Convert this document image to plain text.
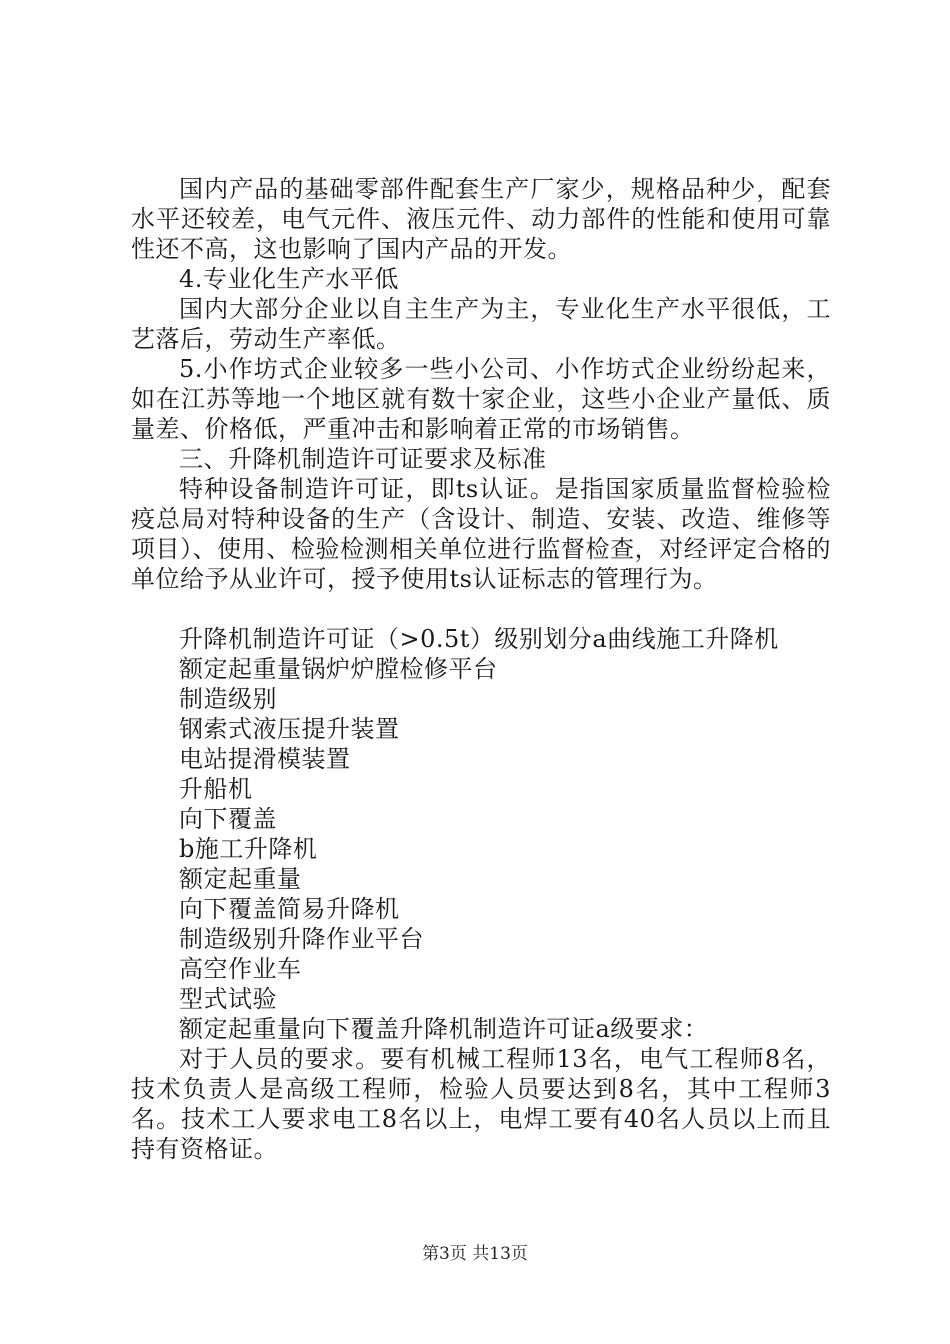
国内产品的基础零部件配套生产厂家少，规格品种少，配套水平还较差，电气元件、液压元件、动力部件的性能和使用可靠性还不高，这也影响了国内产品的开发。

4.专业化生产水平低

国内大部分企业以自主生产为主，专业化生产水平很低，工艺落后，劳动生产率低。

5.小作坊式企业较多一些小公司、小作坊式企业纷纷起来，如在江苏等地一个地区就有数十家企业，这些小企业产量低、质量差、价格低，严重冲击和影响着正常的市场销售。

三、升降机制造许可证要求及标准

特种设备制造许可证，即ts认证。是指国家质量监督检验检疫总局对特种设备的生产（含设计、制造、安装、改造、维修等项目）、使用、检验检测相关单位进行监督检查，对经评定合格的单位给予从业许可，授予使用ts认证标志的管理行为。

升降机制造许可证（>0.5t）级别划分a曲线施工升降机

额定起重量锅炉炉膛检修平台

制造级别

钢索式液压提升装置

电站提滑模装置

升船机

向下覆盖

b施工升降机

额定起重量

向下覆盖简易升降机

制造级别升降作业平台

高空作业车

型式试验

额定起重量向下覆盖升降机制造许可证a级要求：

对于人员的要求。要有机械工程师13名，电气工程师8名，技术负责人是高级工程师，检验人员要达到8名，其中工程师3名。技术工人要求电工8名以上，电焊工要有40名人员以上而且持有资格证。

第3页 共13页
